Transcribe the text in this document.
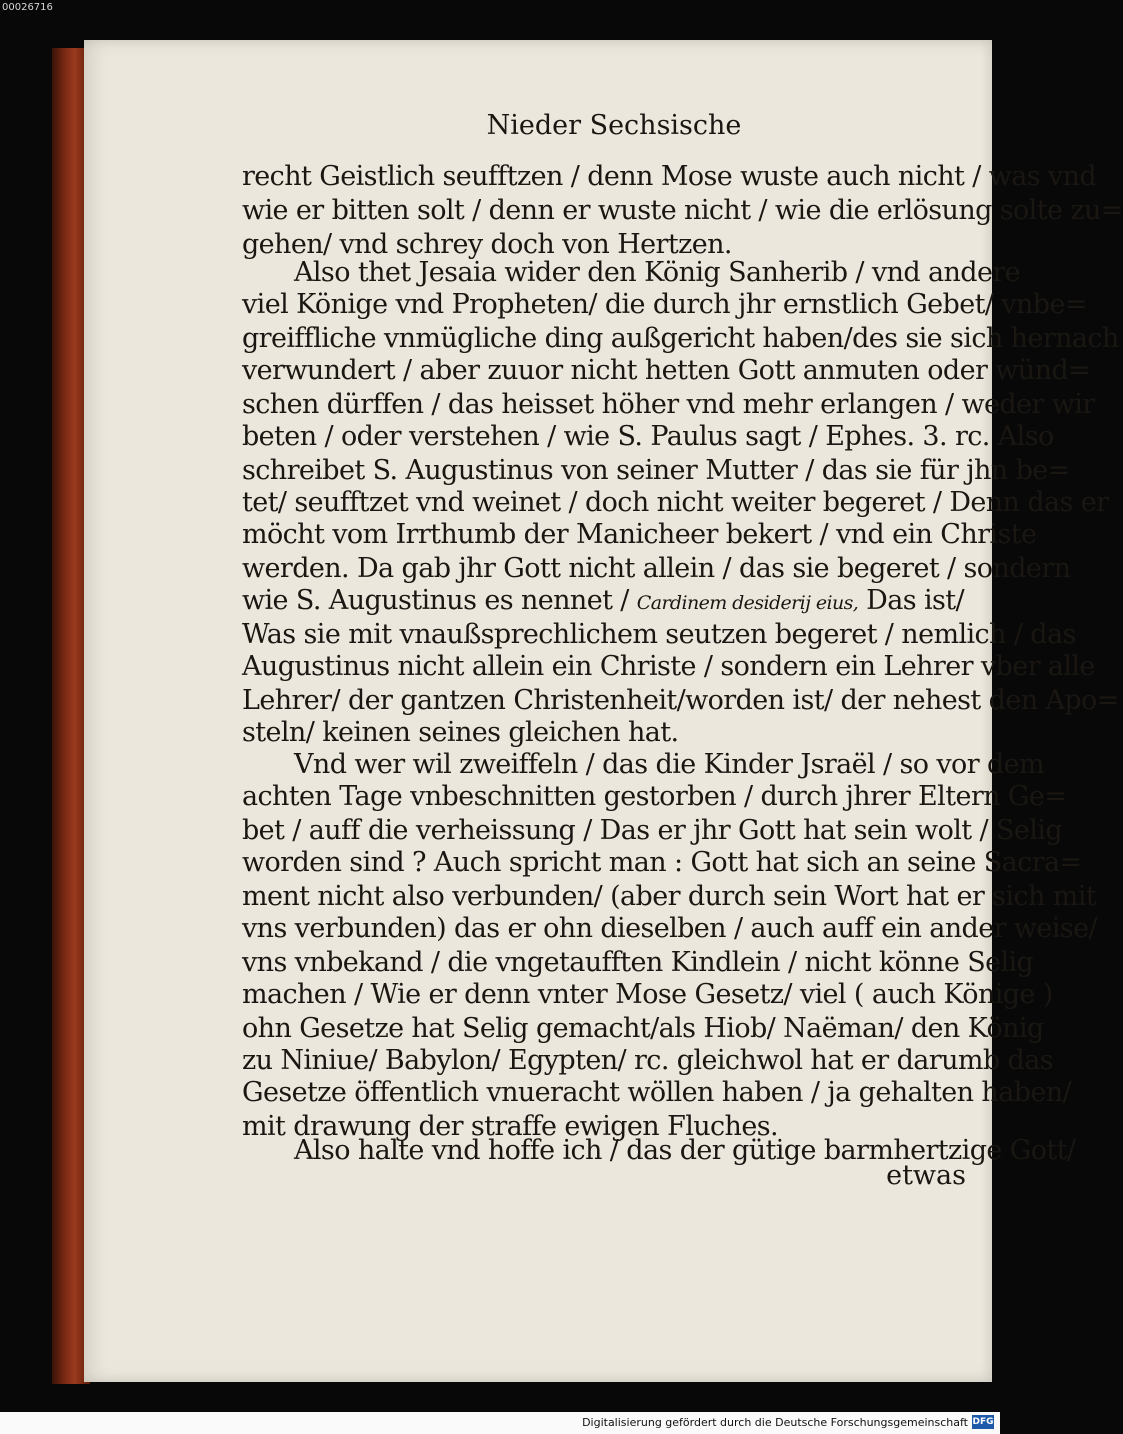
00026716
Nieder Sechsische
recht Geistlich seufftzen / denn Mose wuste auch nicht / was vnd
wie er bitten solt / denn er wuste nicht / wie die erlösung solte zu=
gehen/ vnd schrey doch von Hertzen.
Also thet Jesaia wider den König Sanherib / vnd andere
viel Könige vnd Propheten/ die durch jhr ernstlich Gebet/ vnbe=
greiffliche vnmügliche ding außgericht haben/des sie sich hernach
verwundert / aber zuuor nicht hetten Gott anmuten oder wünd=
schen dürffen / das heisset höher vnd mehr erlangen / weder wir
beten / oder verstehen / wie S. Paulus sagt / Ephes. 3. rc. Also
schreibet S. Augustinus von seiner Mutter / das sie für jhn be=
tet/ seufftzet vnd weinet / doch nicht weiter begeret / Denn das er
möcht vom Irrthumb der Manicheer bekert / vnd ein Christe
werden. Da gab jhr Gott nicht allein / das sie begeret / sondern
wie S. Augustinus es nennet / Cardinem desiderij eius, Das ist/
Was sie mit vnaußsprechlichem seutzen begeret / nemlich / das
Augustinus nicht allein ein Christe / sondern ein Lehrer vber alle
Lehrer/ der gantzen Christenheit/worden ist/ der nehest den Apo=
steln/ keinen seines gleichen hat.
Vnd wer wil zweiffeln / das die Kinder Jsraël / so vor dem
achten Tage vnbeschnitten gestorben / durch jhrer Eltern Ge=
bet / auff die verheissung / Das er jhr Gott hat sein wolt / Selig
worden sind ? Auch spricht man : Gott hat sich an seine Sacra=
ment nicht also verbunden/ (aber durch sein Wort hat er sich mit
vns verbunden) das er ohn dieselben / auch auff ein ander weise/
vns vnbekand / die vngetaufften Kindlein / nicht könne Selig
machen / Wie er denn vnter Mose Gesetz/ viel ( auch Könige )
ohn Gesetze hat Selig gemacht/als Hiob/ Naëman/ den König
zu Niniue/ Babylon/ Egypten/ rc. gleichwol hat er darumb das
Gesetze öffentlich vnueracht wöllen haben / ja gehalten haben/
mit drawung der straffe ewigen Fluches.
Also halte vnd hoffe ich / das der gütige barmhertzige Gott/
etwas
Digitalisierung gefördert durch die Deutsche Forschungsgemeinschaft DFG
